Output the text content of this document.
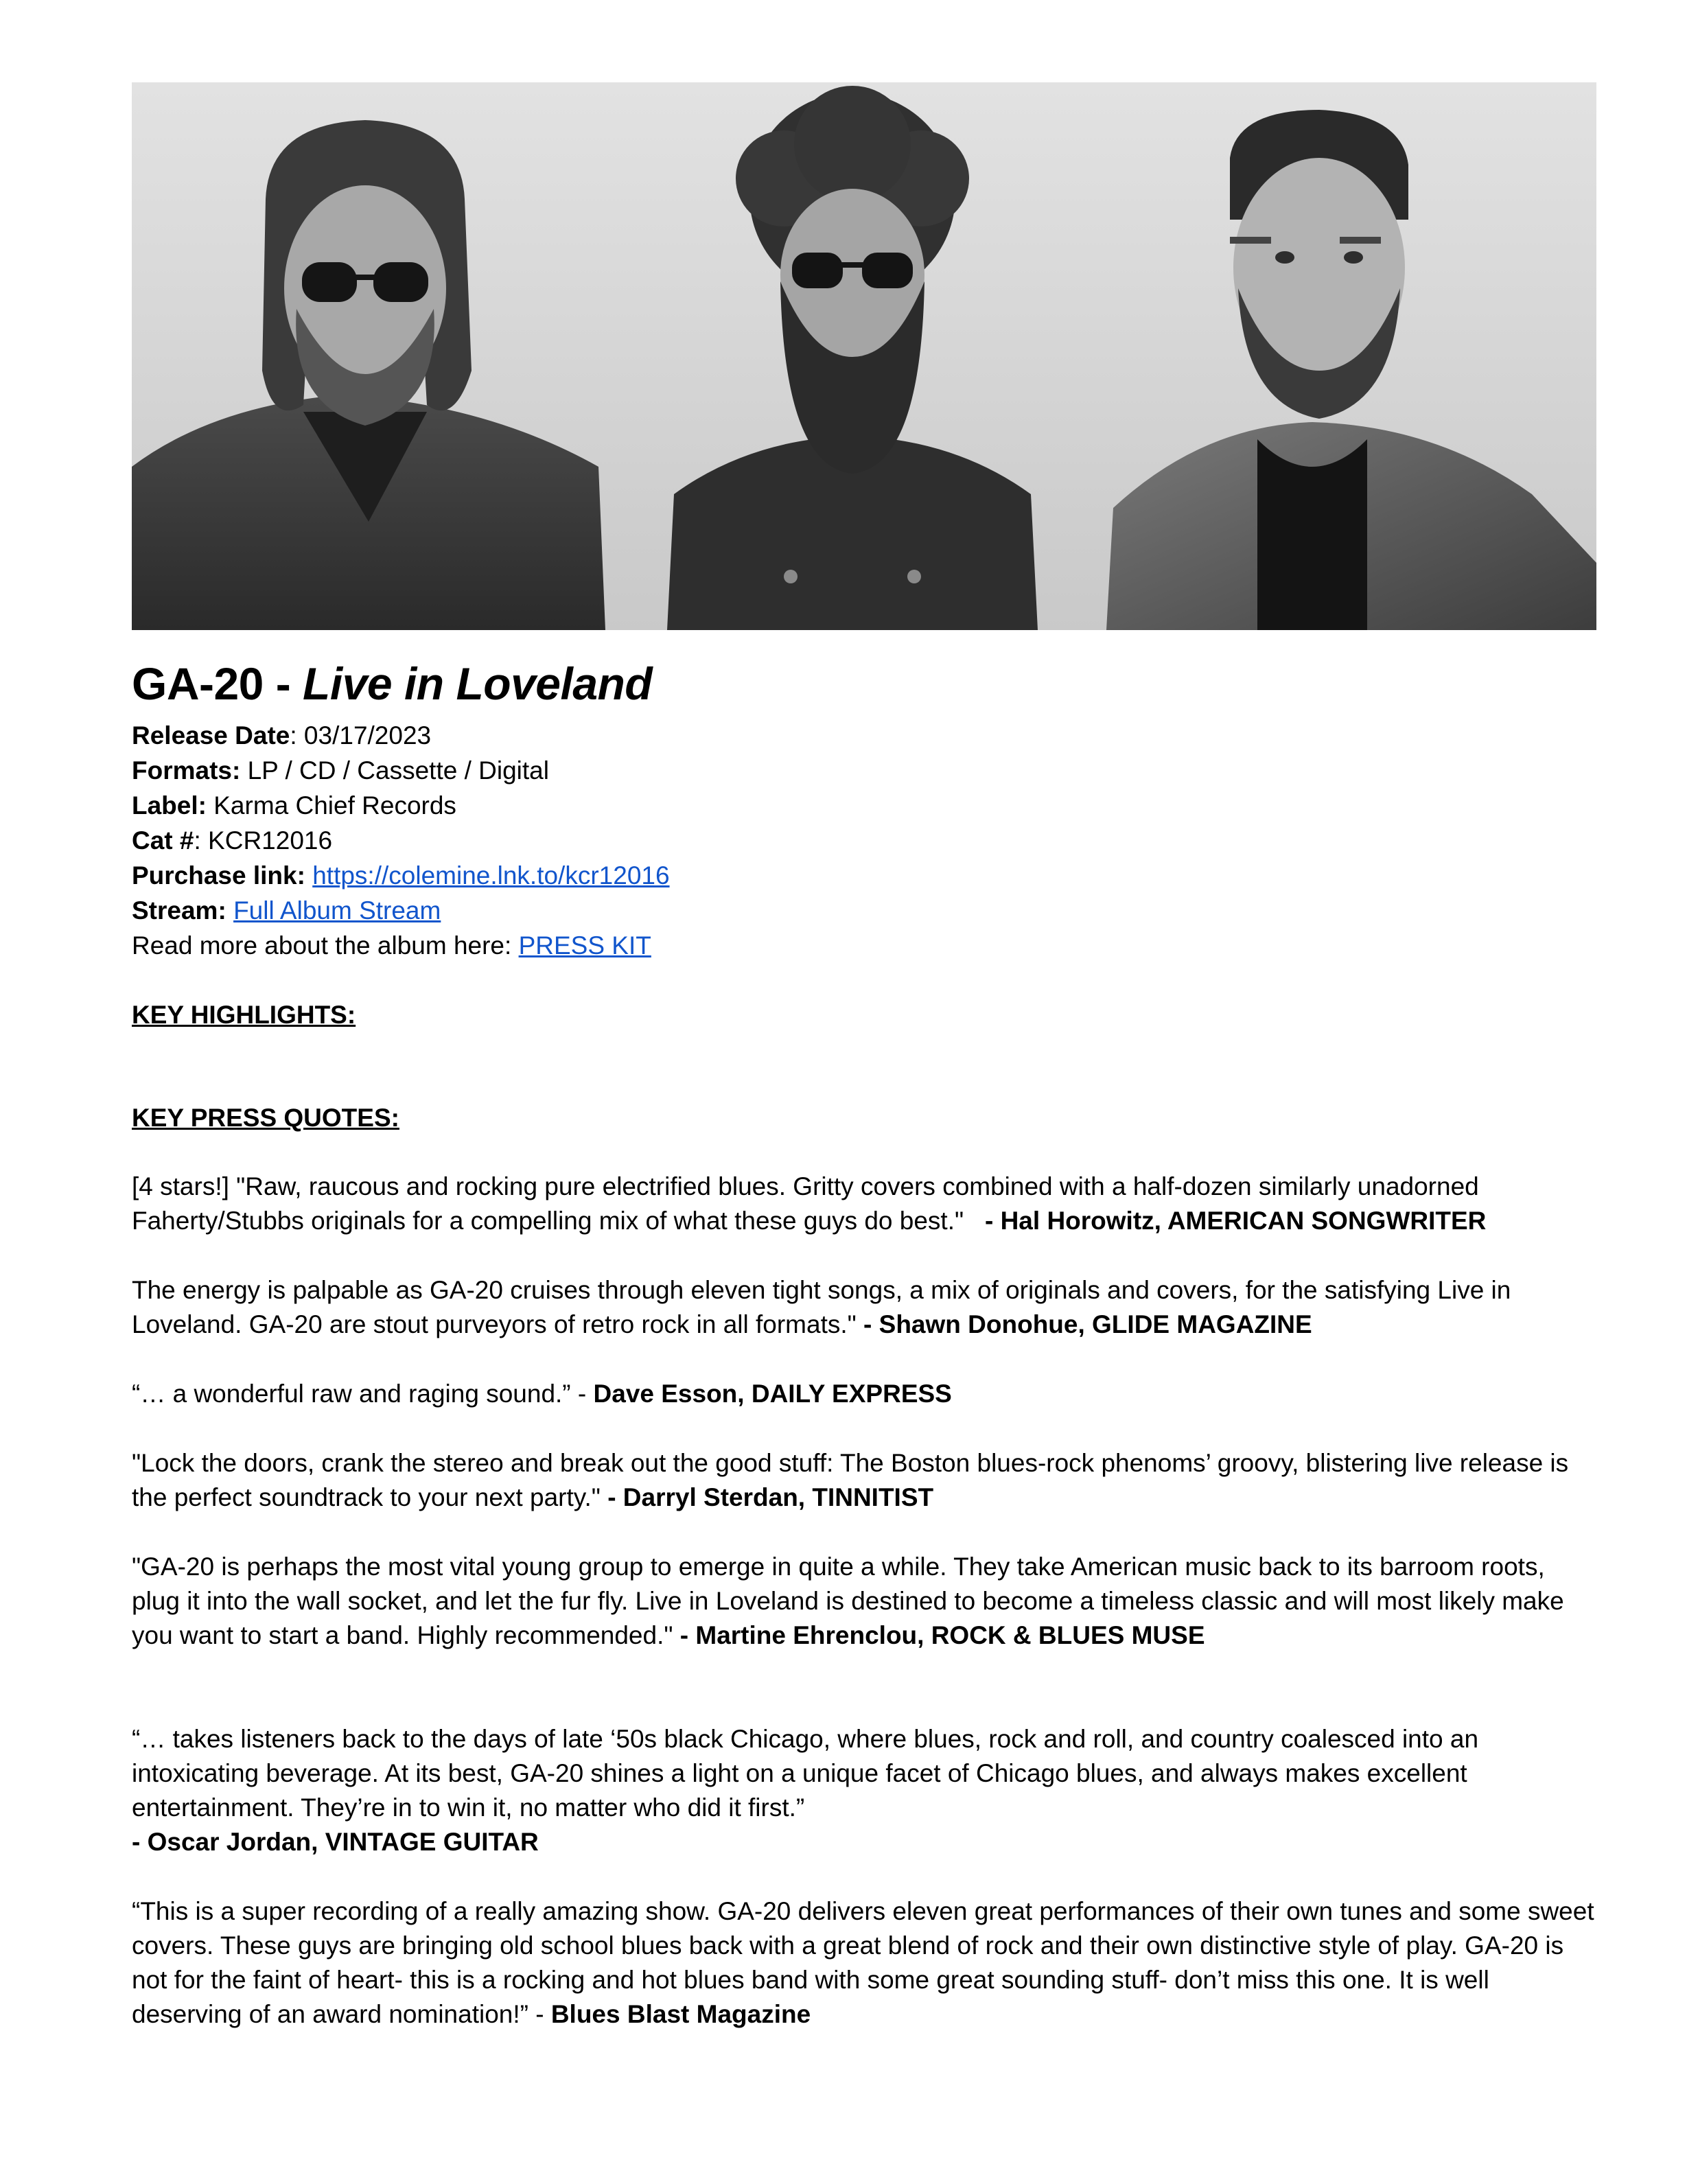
GA-20 - Live in Loveland
Release Date: 03/17/2023
Formats: LP / CD / Cassette / Digital
Label: Karma Chief Records
Cat #: KCR12016
Purchase link: https://colemine.lnk.to/kcr12016
Stream: Full Album Stream
Read more about the album here: PRESS KIT
KEY HIGHLIGHTS:
KEY PRESS QUOTES:
[4 stars!] "Raw, raucous and rocking pure electrified blues. Gritty covers combined with a half-dozen similarly unadorned Faherty/Stubbs originals for a compelling mix of what these guys do best."   - Hal Horowitz, AMERICAN SONGWRITER
The energy is palpable as GA-20 cruises through eleven tight songs, a mix of originals and covers, for the satisfying Live in Loveland. GA-20 are stout purveyors of retro rock in all formats." - Shawn Donohue, GLIDE MAGAZINE
“… a wonderful raw and raging sound.” - Dave Esson, DAILY EXPRESS
"Lock the doors, crank the stereo and break out the good stuff: The Boston blues-rock phenoms’ groovy, blistering live release is the perfect soundtrack to your next party." - Darryl Sterdan, TINNITIST
"GA-20 is perhaps the most vital young group to emerge in quite a while. They take American music back to its barroom roots, plug it into the wall socket, and let the fur fly. Live in Loveland is destined to become a timeless classic and will most likely make you want to start a band. Highly recommended." - Martine Ehrenclou, ROCK & BLUES MUSE
“… takes listeners back to the days of late ‘50s black Chicago, where blues, rock and roll, and country coalesced into an intoxicating beverage. At its best, GA-20 shines a light on a unique facet of Chicago blues, and always makes excellent entertainment. They’re in to win it, no matter who did it first.”
- Oscar Jordan, VINTAGE GUITAR
“This is a super recording of a really amazing show. GA-20 delivers eleven great performances of their own tunes and some sweet covers. These guys are bringing old school blues back with a great blend of rock and their own distinctive style of play. GA-20 is not for the faint of heart- this is a rocking and hot blues band with some great sounding stuff- don’t miss this one. It is well deserving of an award nomination!” - Blues Blast Magazine
